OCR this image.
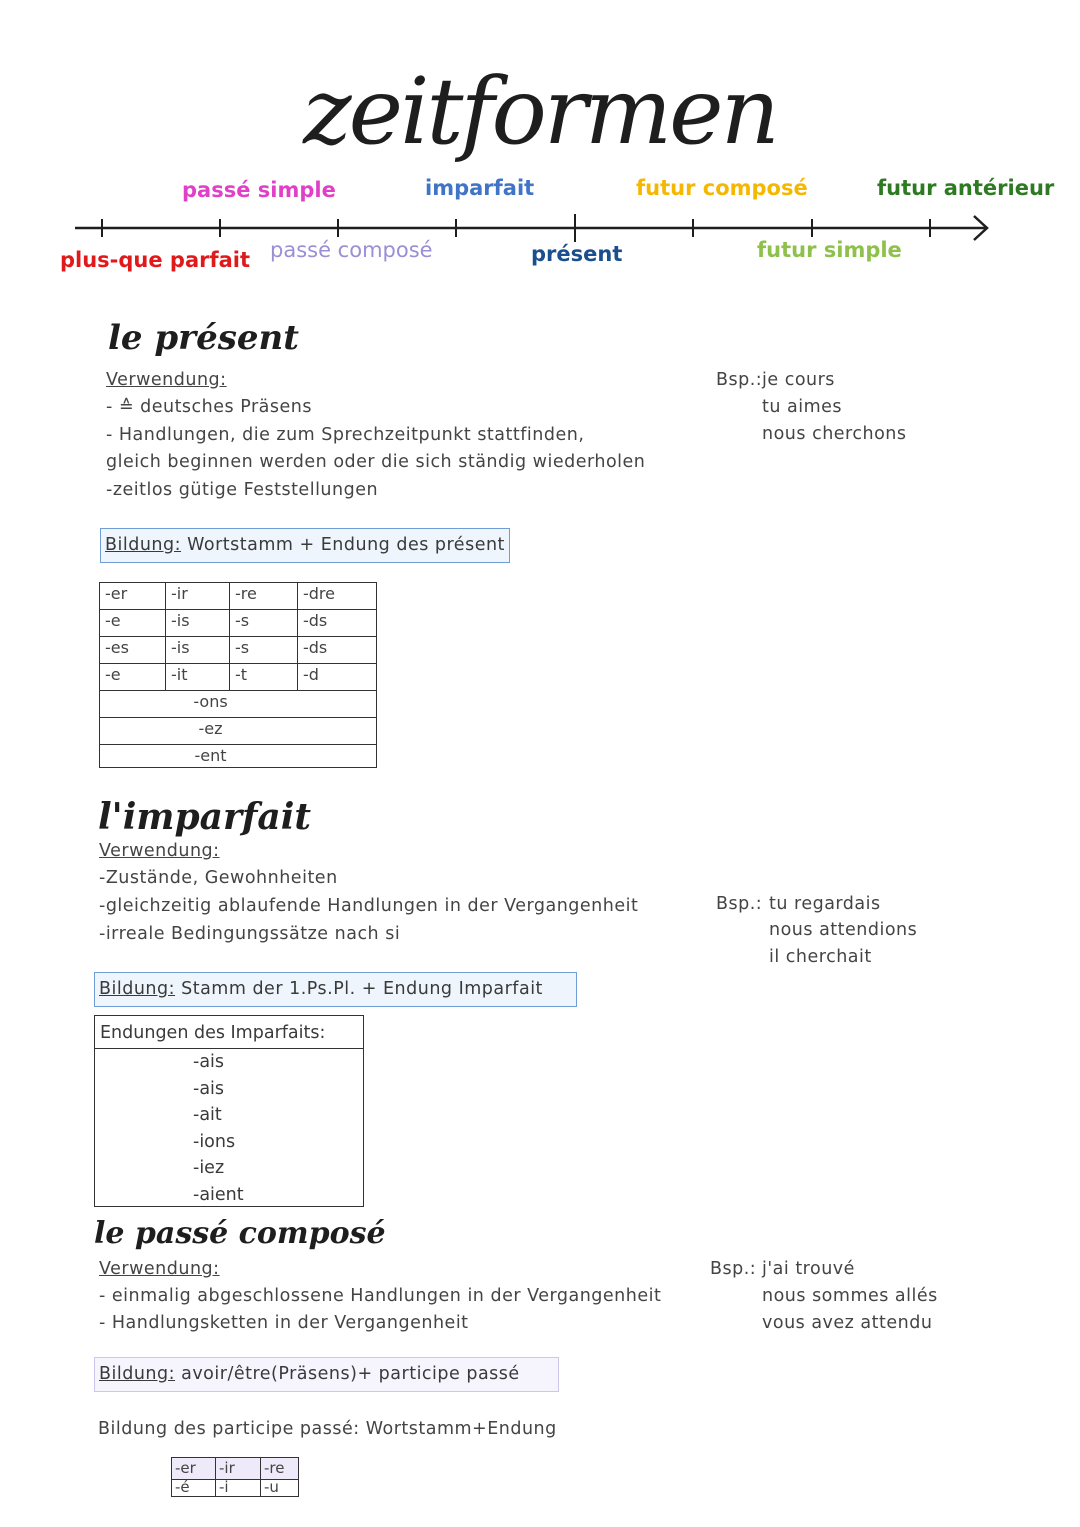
zeitformen
passé simple	imparfait	futur composé	futur antérieur
plus-que parfait passé composé	présent	futur simple
le présent
Verwendung:
- ≙ deutsches Präsens
- Handlungen, die zum Sprechzeitpunkt stattfinden,
gleich beginnen werden oder die sich ständig wiederholen
-zeitlos gütige Feststellungen
Bsp.: je cours
tu aimes
nous cherchons
Bildung: Wortstamm + Endung des présent
-er	-ir	-re	-dre
-e	-is	-s	-ds
-es	-is	-s	-ds
-e	-it	-t	-d
-ons			
-ez			
-ent			
l'imparfait
Verwendung:
-Zustände, Gewohnheiten
-gleichzeitig ablaufende Handlungen in der Vergangenheit
-irreale Bedingungssätze nach si
Bsp.: tu regardais
nous attendions
il cherchait
Bildung: Stamm der 1.Ps.Pl. + Endung Imparfait
Endungen des Imparfaits:
-ais
-ais
-ait
-ions
-iez
-aient
le passé composé
Verwendung:
- einmalig abgeschlossene Handlungen in der Vergangenheit
- Handlungsketten in der Vergangenheit
Bsp.: j'ai trouvé
nous sommes allés
vous avez attendu
Bildung: avoir/être(Präsens)+ participe passé
Bildung des participe passé: Wortstamm+Endung
-er	-ir	-re
-é	-i	-u
